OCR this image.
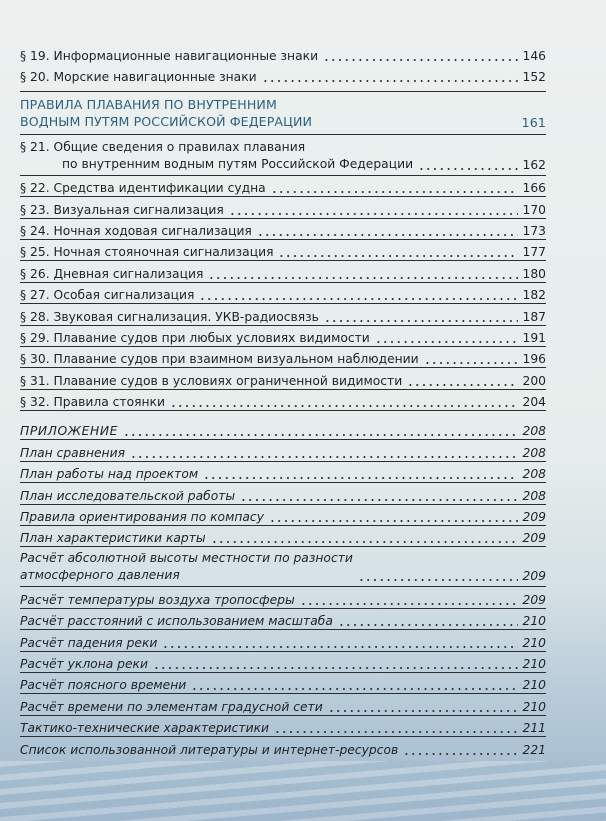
§ 19. Информационные навигационные знаки	146
§ 20. Морские навигационные знаки	152
ПРАВИЛА ПЛАВАНИЯ ПО ВНУТРЕННИМ
ВОДНЫМ ПУТЯМ РОССИЙСКОЙ ФЕДЕРАЦИИ	161
§ 21. Общие сведения о правилах плавания
по внутренним водным путям Российской Федерации	162
§ 22. Средства идентификации судна	166
§ 23. Визуальная сигнализация	170
§ 24. Ночная ходовая сигнализация	173
§ 25. Ночная стояночная сигнализация	177
§ 26. Дневная сигнализация	180
§ 27. Особая сигнализация	182
§ 28. Звуковая сигнализация. УКВ-радиосвязь	187
§ 29. Плавание судов при любых условиях видимости	191
§ 30. Плавание судов при взаимном визуальном наблюдении	196
§ 31. Плавание судов в условиях ограниченной видимости	200
§ 32. Правила стоянки	204
ПРИЛОЖЕНИЕ	208
План сравнения	208
План работы над проектом	208
План исследовательской работы	208
Правила ориентирования по компасу	209
План характеристики карты	209
Расчёт абсолютной высоты местности по разности
атмосферного давления	209
Расчёт температуры воздуха тропосферы	209
Расчёт расстояний с использованием масштаба	210
Расчёт падения реки	210
Расчёт уклона реки	210
Расчёт поясного времени	210
Расчёт времени по элементам градусной сети	210
Тактико-технические характеристики	211
Список использованной литературы и интернет-ресурсов	221
